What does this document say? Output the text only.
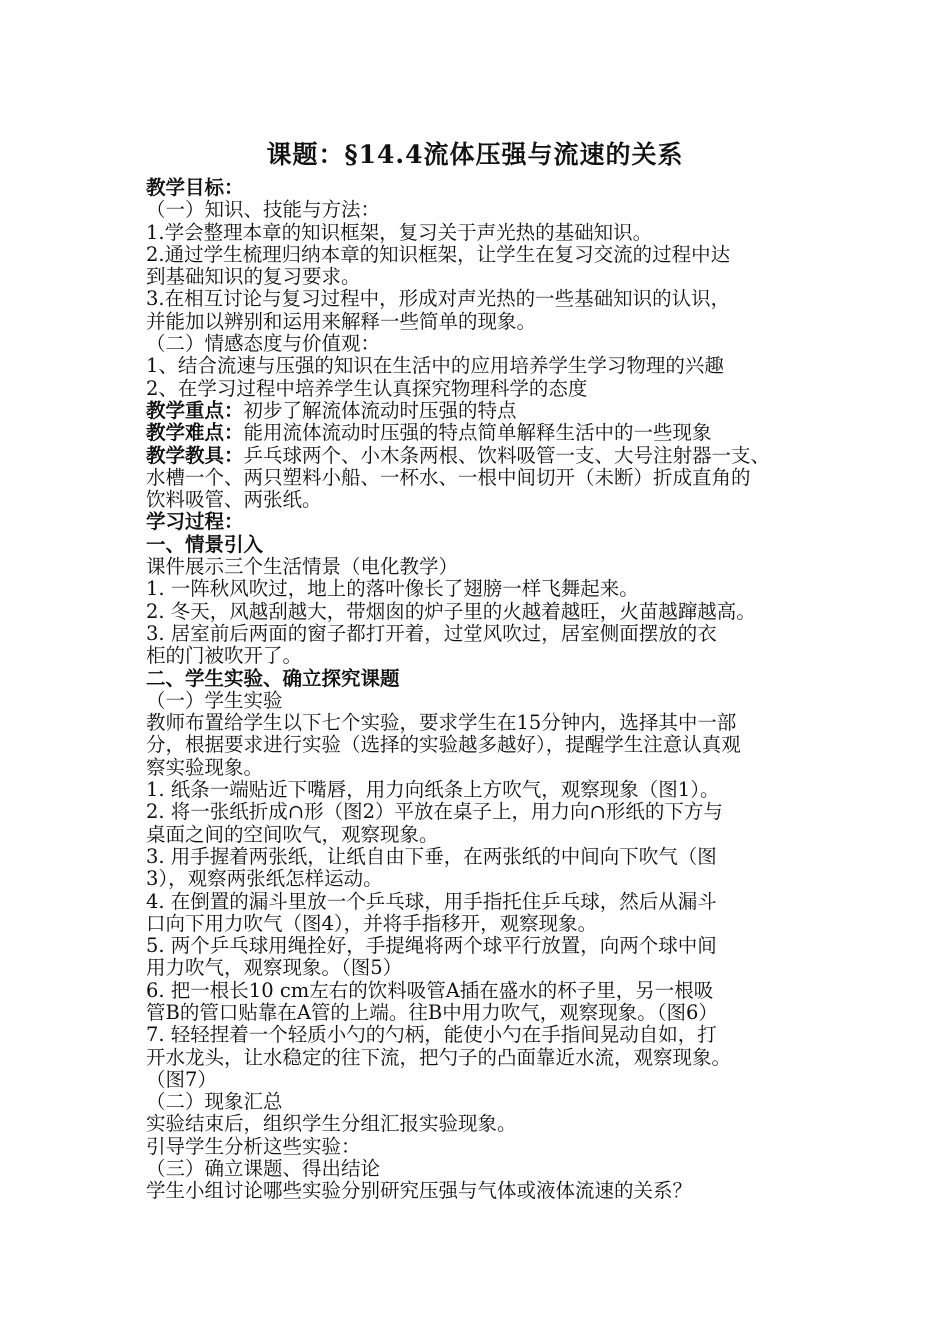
课题：§14.4流体压强与流速的关系
教学目标：
（一）知识、技能与方法：
1.学会整理本章的知识框架，复习关于声光热的基础知识。
2.通过学生梳理归纳本章的知识框架，让学生在复习交流的过程中达
到基础知识的复习要求。
3.在相互讨论与复习过程中，形成对声光热的一些基础知识的认识，
并能加以辨别和运用来解释一些简单的现象。
（二）情感态度与价值观：
1、结合流速与压强的知识在生活中的应用培养学生学习物理的兴趣
2、在学习过程中培养学生认真探究物理科学的态度
教学重点：初步了解流体流动时压强的特点
教学难点：能用流体流动时压强的特点简单解释生活中的一些现象
教学教具：乒乓球两个、小木条两根、饮料吸管一支、大号注射器一支、
水槽一个、两只塑料小船、一杯水、一根中间切开（未断）折成直角的
饮料吸管、两张纸。
学习过程：
一、情景引入
课件展示三个生活情景（电化教学）
1. 一阵秋风吹过，地上的落叶像长了翅膀一样飞舞起来。
2. 冬天，风越刮越大，带烟囱的炉子里的火越着越旺，火苗越蹿越高。
3. 居室前后两面的窗子都打开着，过堂风吹过，居室侧面摆放的衣
柜的门被吹开了。
二、学生实验、确立探究课题
（一）学生实验
教师布置给学生以下七个实验，要求学生在15分钟内，选择其中一部
分，根据要求进行实验（选择的实验越多越好），提醒学生注意认真观
察实验现象。
1. 纸条一端贴近下嘴唇，用力向纸条上方吹气，观察现象（图1）。
2. 将一张纸折成∩形（图2）平放在桌子上，用力向∩形纸的下方与
桌面之间的空间吹气，观察现象。
3. 用手握着两张纸，让纸自由下垂，在两张纸的中间向下吹气（图
3），观察两张纸怎样运动。
4. 在倒置的漏斗里放一个乒乓球，用手指托住乒乓球，然后从漏斗
口向下用力吹气（图4），并将手指移开，观察现象。
5. 两个乒乓球用绳拴好，手提绳将两个球平行放置，向两个球中间
用力吹气，观察现象。（图5）
6. 把一根长10 cm左右的饮料吸管A插在盛水的杯子里，另一根吸
管B的管口贴靠在A管的上端。往B中用力吹气，观察现象。（图6）
7. 轻轻捏着一个轻质小勺的勺柄，能使小勺在手指间晃动自如，打
开水龙头，让水稳定的往下流，把勺子的凸面靠近水流，观察现象。
（图7）
（二）现象汇总
实验结束后，组织学生分组汇报实验现象。
引导学生分析这些实验：
（三）确立课题、得出结论
学生小组讨论哪些实验分别研究压强与气体或液体流速的关系？
